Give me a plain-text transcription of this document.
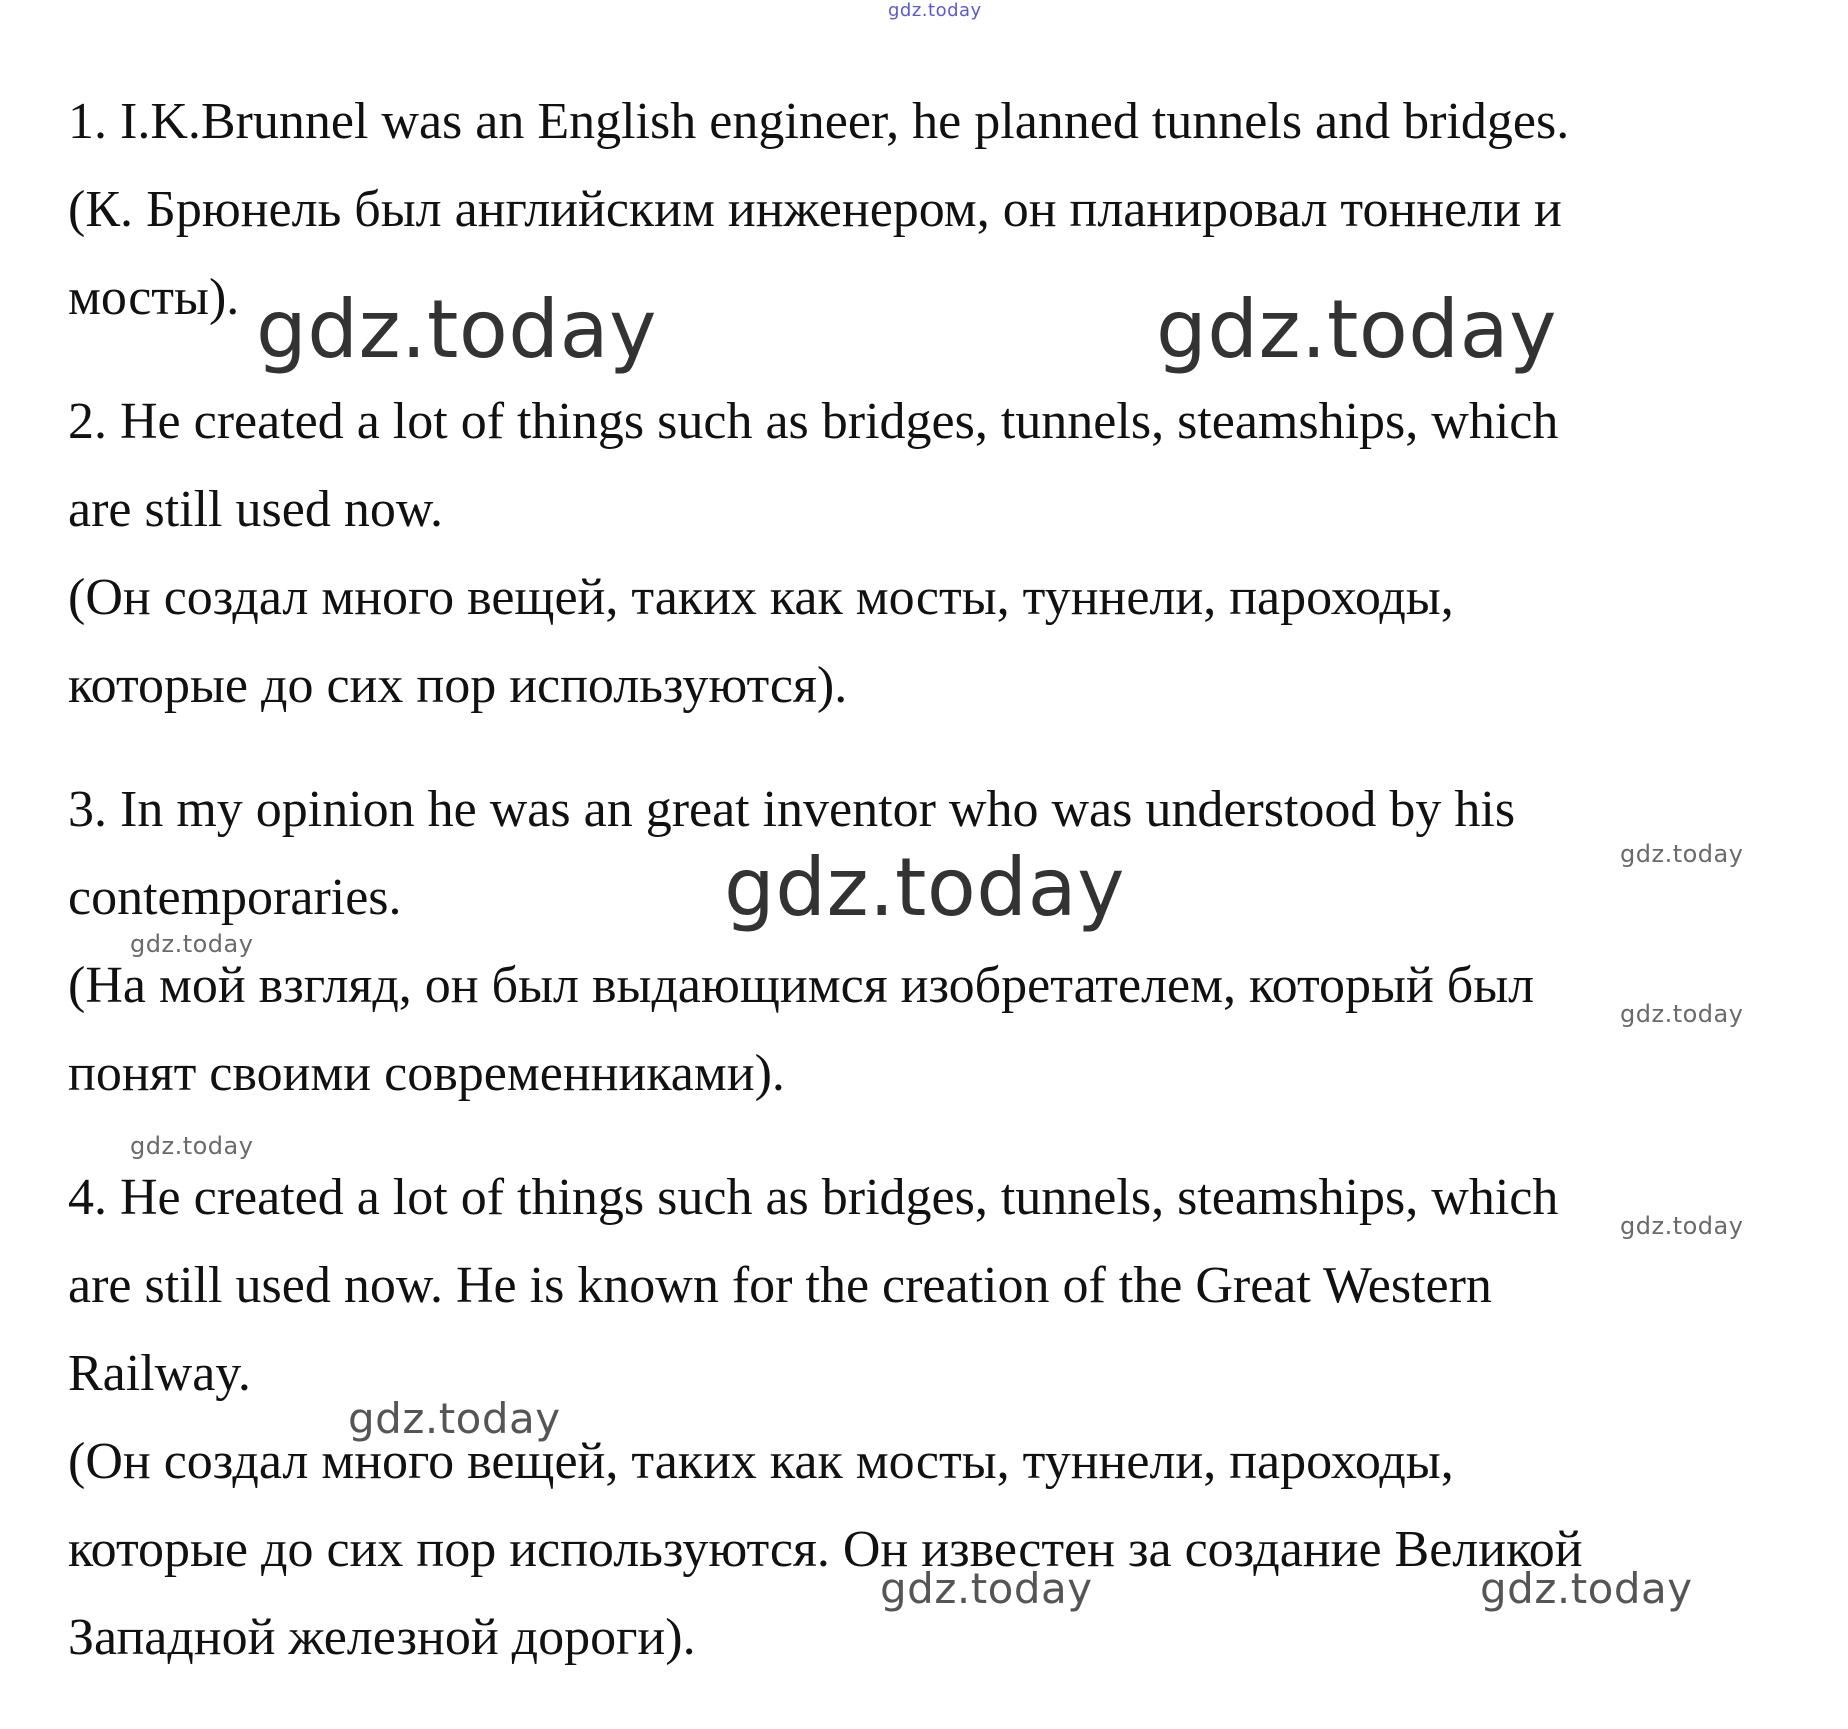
1. I.K.Brunnel was an English engineer, he planned tunnels and bridges.

(К. Брюнель был английским инженером, он планировал тоннели и

мосты).

2. He created a lot of things such as bridges, tunnels, steamships, which

are still used now.

(Он создал много вещей, таких как мосты, туннели, пароходы,

которые до сих пор используются).

3. In my opinion he was an great inventor who was understood by his

contemporaries.

(На мой взгляд, он был выдающимся изобретателем, который был

понят своими современниками).

4. He created a lot of things such as bridges, tunnels, steamships, which

are still used now. He is known for the creation of the Great Western

Railway.

(Он создал много вещей, таких как мосты, туннели, пароходы,

которые до сих пор используются. Он известен за создание Великой

Западной железной дороги).

gdz.today
gdz.today	gdz.today
gdz.today	gdz.today
gdz.today
gdz.today
gdz.today
gdz.today
gdz.today
gdz.today	gdz.today
